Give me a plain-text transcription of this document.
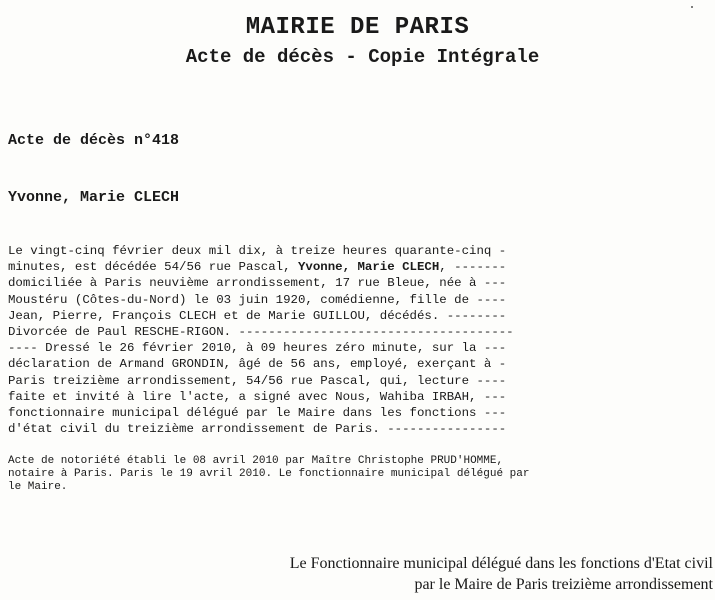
MAIRIE DE PARIS
Acte de décès - Copie Intégrale
Acte de décès n°418
Yvonne, Marie CLECH
Le vingt-cinq février deux mil dix, à treize heures quarante-cinq -
minutes, est décédée 54/56 rue Pascal, Yvonne, Marie CLECH, -------
domiciliée à Paris neuvième arrondissement, 17 rue Bleue, née à ---
Moustéru (Côtes-du-Nord) le 03 juin 1920, comédienne, fille de ----
Jean, Pierre, François CLECH et de Marie GUILLOU, décédés. --------
Divorcée de Paul RESCHE-RIGON. -------------------------------------
---- Dressé le 26 février 2010, à 09 heures zéro minute, sur la ---
déclaration de Armand GRONDIN, âgé de 56 ans, employé, exerçant à -
Paris treizième arrondissement, 54/56 rue Pascal, qui, lecture ----
faite et invité à lire l'acte, a signé avec Nous, Wahiba IRBAH, ---
fonctionnaire municipal délégué par le Maire dans les fonctions ---
d'état civil du treizième arrondissement de Paris. ----------------
Acte de notoriété établi le 08 avril 2010 par Maître Christophe PRUD'HOMME,
notaire à Paris. Paris le 19 avril 2010. Le fonctionnaire municipal délégué par
le Maire.
Le Fonctionnaire municipal délégué dans les fonctions d'Etat civil
par le Maire de Paris treizième arrondissement
